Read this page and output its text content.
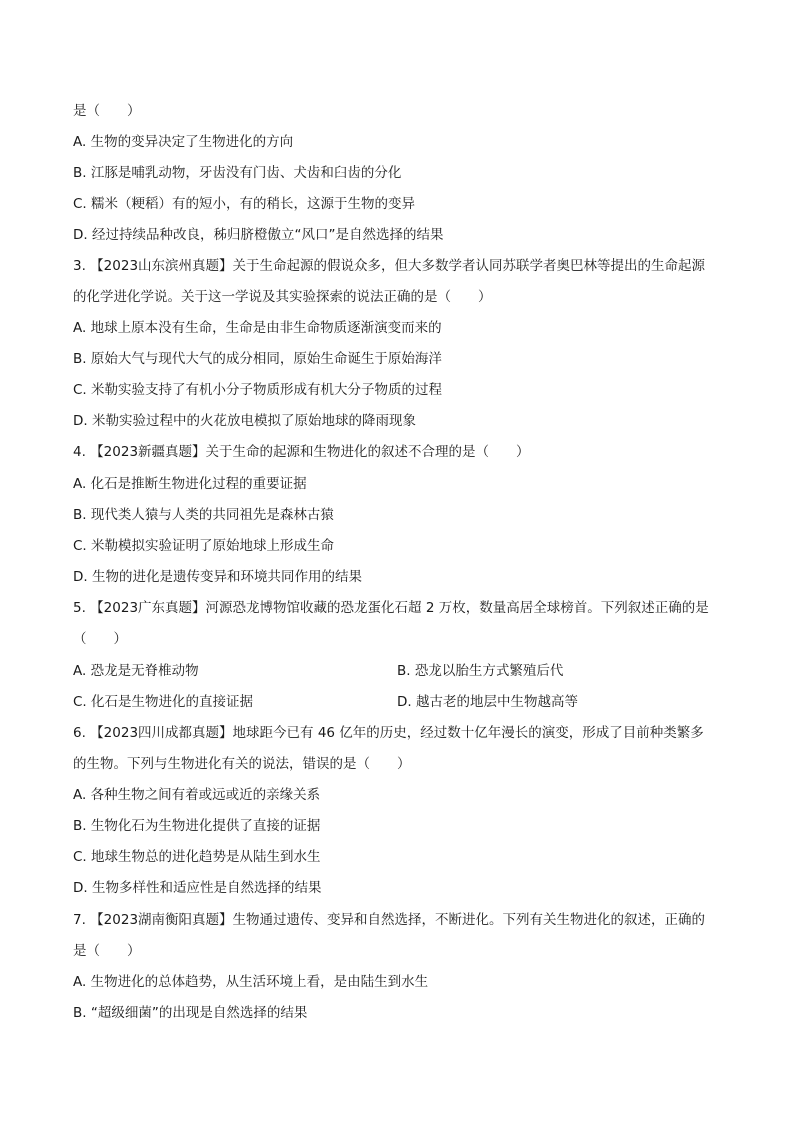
是（　　）
A. 生物的变异决定了生物进化的方向
B. 江豚是哺乳动物，牙齿没有门齿、犬齿和臼齿的分化
C. 糯米（粳稻）有的短小，有的稍长，这源于生物的变异
D. 经过持续品种改良，秭归脐橙傲立“风口”是自然选择的结果
3. 【2023山东滨州真题】关于生命起源的假说众多，但大多数学者认同苏联学者奥巴林等提出的生命起源
的化学进化学说。关于这一学说及其实验探索的说法正确的是（　　）
A. 地球上原本没有生命，生命是由非生命物质逐渐演变而来的
B. 原始大气与现代大气的成分相同，原始生命诞生于原始海洋
C. 米勒实验支持了有机小分子物质形成有机大分子物质的过程
D. 米勒实验过程中的火花放电模拟了原始地球的降雨现象
4. 【2023新疆真题】关于生命的起源和生物进化的叙述不合理的是（　　）
A. 化石是推断生物进化过程的重要证据
B. 现代类人猿与人类的共同祖先是森林古猿
C. 米勒模拟实验证明了原始地球上形成生命
D. 生物的进化是遗传变异和环境共同作用的结果
5. 【2023广东真题】河源恐龙博物馆收藏的恐龙蛋化石超 2 万枚，数量高居全球榜首。下列叙述正确的是
（　　）
A. 恐龙是无脊椎动物	B. 恐龙以胎生方式繁殖后代
C. 化石是生物进化的直接证据	D. 越古老的地层中生物越高等
6. 【2023四川成都真题】地球距今已有 46 亿年的历史，经过数十亿年漫长的演变，形成了目前种类繁多
的生物。下列与生物进化有关的说法，错误的是（　　）
A. 各种生物之间有着或远或近的亲缘关系
B. 生物化石为生物进化提供了直接的证据
C. 地球生物总的进化趋势是从陆生到水生
D. 生物多样性和适应性是自然选择的结果
7. 【2023湖南衡阳真题】生物通过遗传、变异和自然选择，不断进化。下列有关生物进化的叙述，正确的
是（　　）
A. 生物进化的总体趋势，从生活环境上看，是由陆生到水生
B. “超级细菌”的出现是自然选择的结果
